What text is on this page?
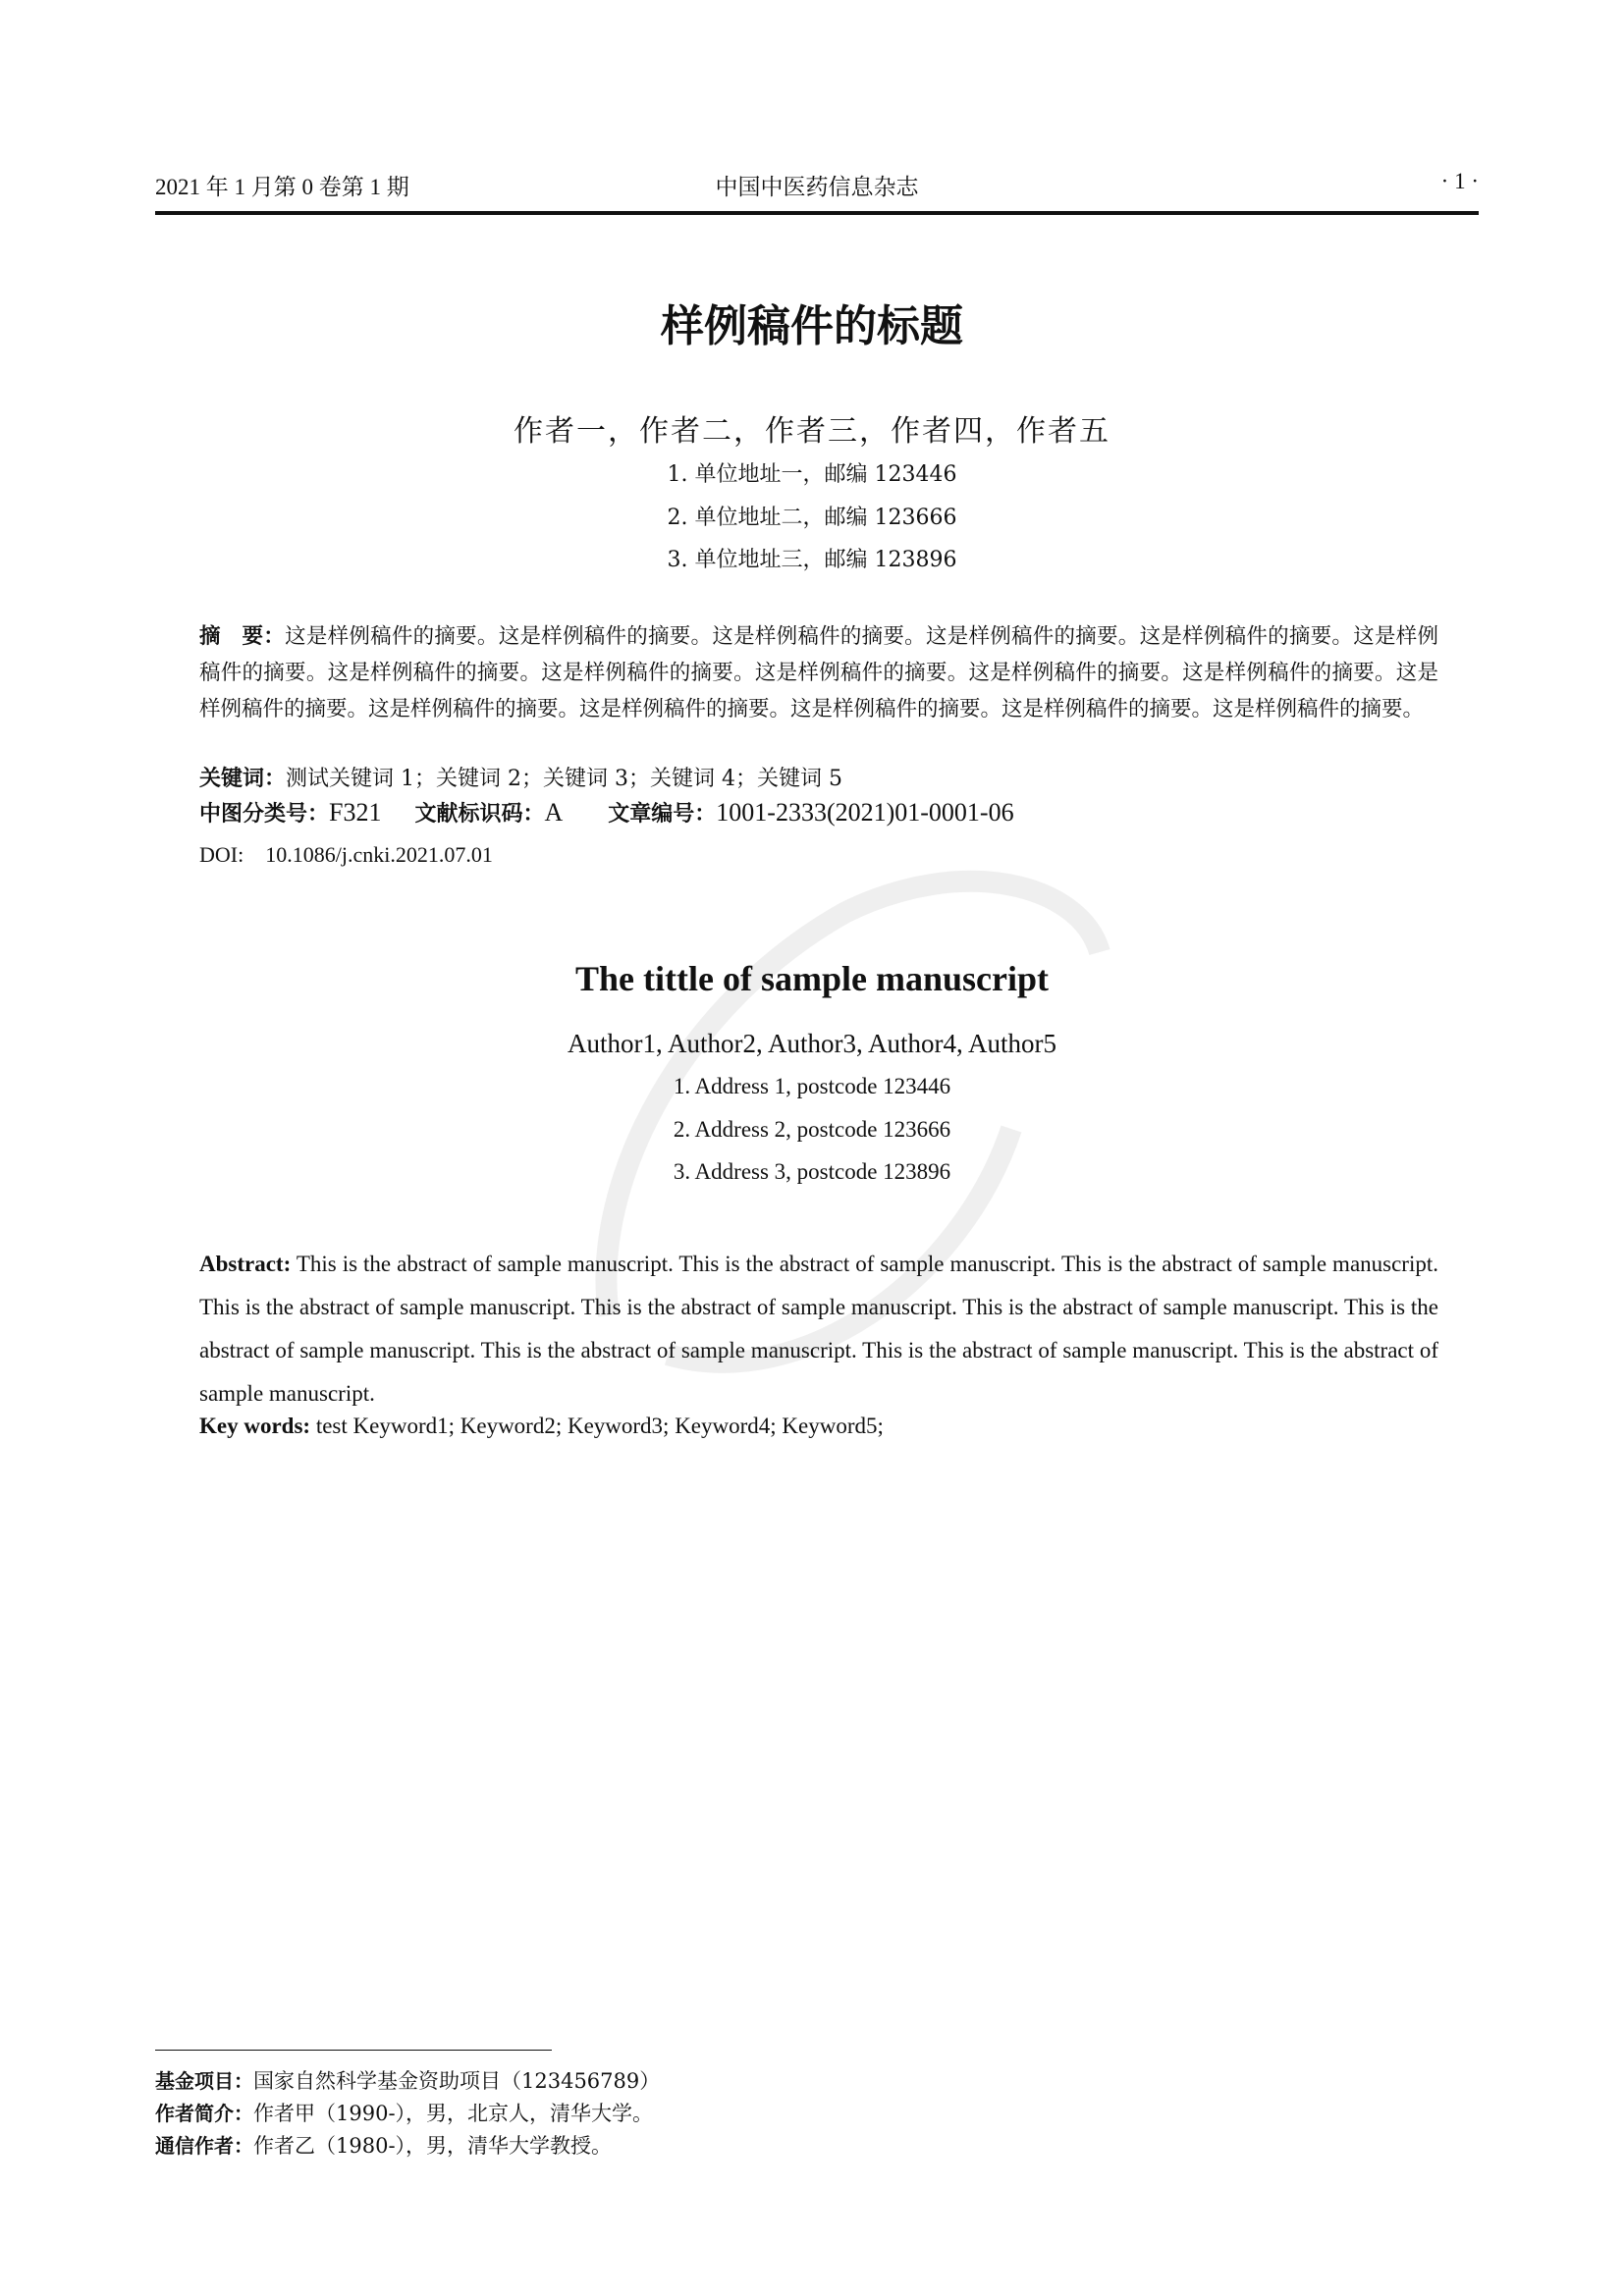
2021 年 1 月第 0 卷第 1 期	中国中医药信息杂志	· 1 ·
样例稿件的标题
作者一，作者二，作者三，作者四，作者五
1. 单位地址一，邮编 123446
2. 单位地址二，邮编 123666
3. 单位地址三，邮编 123896
摘　要：这是样例稿件的摘要。这是样例稿件的摘要。这是样例稿件的摘要。这是样例稿件的摘要。这是样例稿件的摘要。这是样例稿件的摘要。这是样例稿件的摘要。这是样例稿件的摘要。这是样例稿件的摘要。这是样例稿件的摘要。这是样例稿件的摘要。这是样例稿件的摘要。这是样例稿件的摘要。这是样例稿件的摘要。这是样例稿件的摘要。这是样例稿件的摘要。这是样例稿件的摘要。
关键词：测试关键词 1；关键词 2；关键词 3；关键词 4；关键词 5
中图分类号：F321 文献标识码：A 文章编号：1001-2333(2021)01-0001-06
DOI: 10.1086/j.cnki.2021.07.01
The tittle of sample manuscript
Author1, Author2, Author3, Author4, Author5
1. Address 1, postcode 123446
2. Address 2, postcode 123666
3. Address 3, postcode 123896
Abstract: This is the abstract of sample manuscript. This is the abstract of sample manuscript. This is the abstract of sample manuscript. This is the abstract of sample manuscript. This is the abstract of sample manuscript. This is the abstract of sample manuscript. This is the abstract of sample manuscript. This is the abstract of sample manuscript. This is the abstract of sample manuscript. This is the abstract of sample manuscript.
Key words: test Keyword1; Keyword2; Keyword3; Keyword4; Keyword5;
基金项目：国家自然科学基金资助项目（123456789）
作者简介：作者甲（1990-），男，北京人，清华大学。
通信作者：作者乙（1980-），男，清华大学教授。
